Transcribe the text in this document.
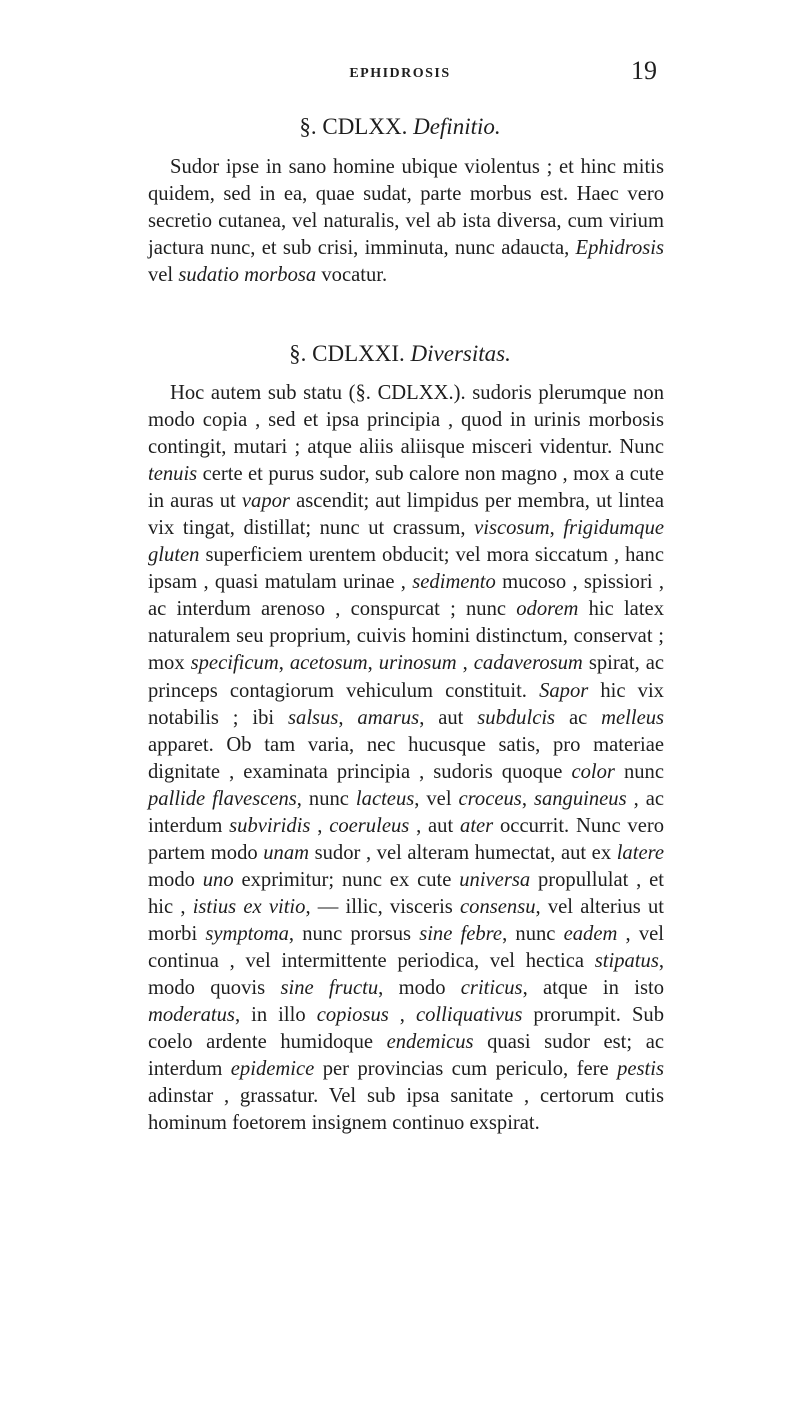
EPHIDROSIS	19
§. CDLXX. Definitio.

Sudor ipse in sano homine ubique violentus ; et hinc mitis quidem, sed in ea, quae sudat, parte morbus est. Haec vero secretio cutanea, vel naturalis, vel ab ista diversa, cum virium jactura nunc, et sub crisi, imminuta, nunc adaucta, Ephidrosis vel sudatio morbosa vocatur.

§. CDLXXI. Diversitas.

Hoc autem sub statu (§. CDLXX.). sudoris plerumque non modo copia , sed et ipsa principia , quod in urinis morbosis contingit, mutari ; atque aliis aliisque misceri videntur. Nunc tenuis certe et purus sudor, sub calore non magno , mox a cute in auras ut vapor ascendit; aut limpidus per membra, ut lintea vix tingat, distillat; nunc ut crassum, viscosum, frigidumque gluten superficiem urentem obducit; vel mora siccatum , hanc ipsam , quasi matulam urinae , sedimento mucoso , spissiori , ac interdum arenoso , conspurcat ; nunc odorem hic latex naturalem seu proprium, cuivis homini distinctum, conservat ; mox specificum, acetosum, urinosum , cadaverosum spirat, ac princeps contagiorum vehiculum constituit. Sapor hic vix notabilis ; ibi salsus, amarus, aut subdulcis ac melleus apparet. Ob tam varia, nec hucusque satis, pro materiae dignitate , examinata principia , sudoris quoque color nunc pallide flavescens, nunc lacteus, vel croceus, sanguineus , ac interdum subviridis , coeruleus , aut ater occurrit. Nunc vero partem modo unam sudor , vel alteram humectat, aut ex latere modo uno exprimitur; nunc ex cute universa propullulat , et hic , istius ex vitio, — illic, visceris consensu, vel alterius ut morbi symptoma, nunc prorsus sine febre, nunc eadem , vel continua , vel intermittente periodica, vel hectica stipatus, modo quovis sine fructu, modo criticus, atque in isto moderatus, in illo copiosus , colliquativus prorumpit. Sub coelo ardente humidoque endemicus quasi sudor est; ac interdum epidemice per provincias cum periculo, fere pestis adinstar , grassatur. Vel sub ipsa sanitate , certorum cutis hominum foetorem insignem continuo exspirat.
